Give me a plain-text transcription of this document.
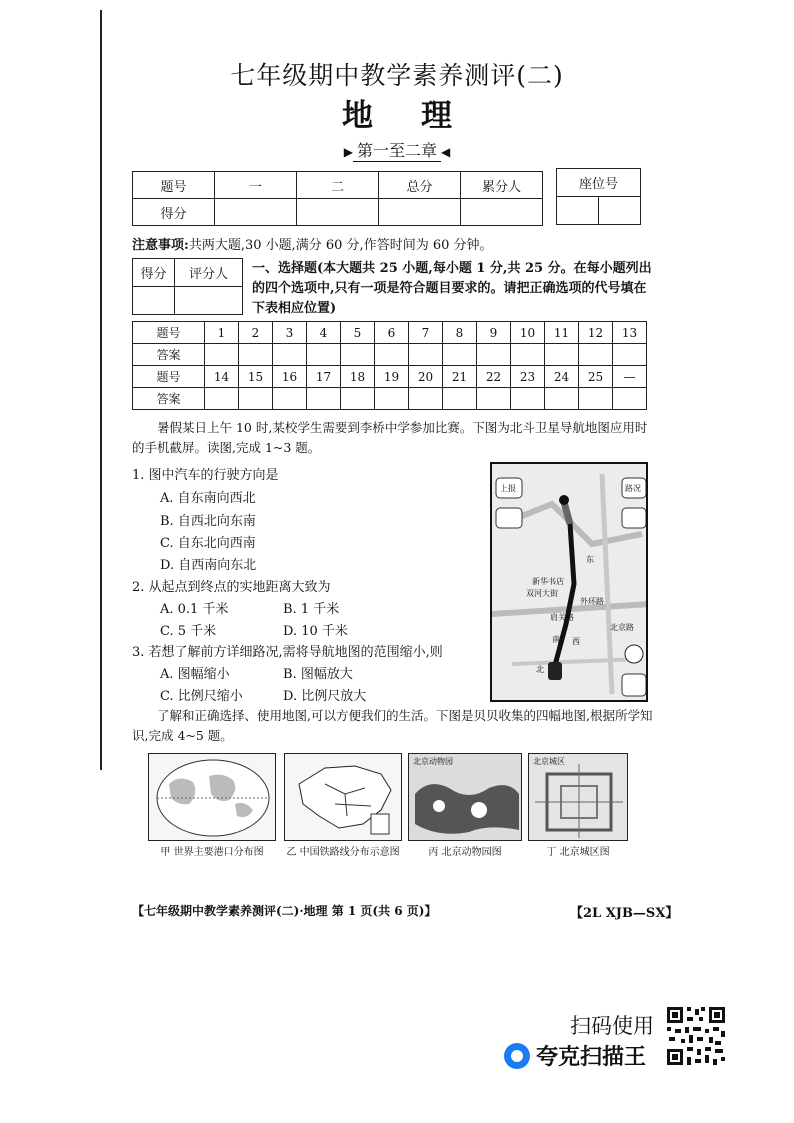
七年级期中教学素养测评(二)
地理
▶ 第一至二章 ◀
题号	一	二	总分	累分人
得分				
座位号

注意事项:共两大题,30 小题,满分 60 分,作答时间为 60 分钟。
得分	评分人
	一、选择题(本大题共 25 小题,每小题 1 分,共 25 分。在每小题列出的四个选项中,只有一项是符合题目要求的。请把正确选项的代号填在下表相应位置)
题号	1	2	3	4	5	6	7	8	9	10	11	12	13
答案													
题号	14	15	16	17	18	19	20	21	22	23	24	25	—
答案													
暑假某日上午 10 时,某校学生需要到李桥中学参加比赛。下图为北斗卫星导航地图应用时的手机截屏。读图,完成 1~3 题。
1. 图中汽车的行驶方向是
A. 自东南向西北
B. 自西北向东南
C. 自东北向西南
D. 自西南向东北
2. 从起点到终点的实地距离大致为
A. 0.1 千米	B. 1 千米
C. 5 千米	D. 10 千米
3. 若想了解前方详细路况,需将导航地图的范围缩小,则
A. 图幅缩小	B. 图幅放大
C. 比例尺缩小	D. 比例尺放大
上报	路况
外环路
新华书店
双河大街
东
西
南
北
肩关路
北京路
了解和正确选择、使用地图,可以方便我们的生活。下图是贝贝收集的四幅地图,根据所学知识,完成 4~5 题。
甲 世界主要港口分布图	乙 中国铁路线分布示意图
北京动物园
丙 北京动物园图
北京城区
丁 北京城区图
【七年级期中教学素养测评(二)·地理 第 1 页(共 6 页)】	【2L XJB—SX】
扫码使用
夸克扫描王
